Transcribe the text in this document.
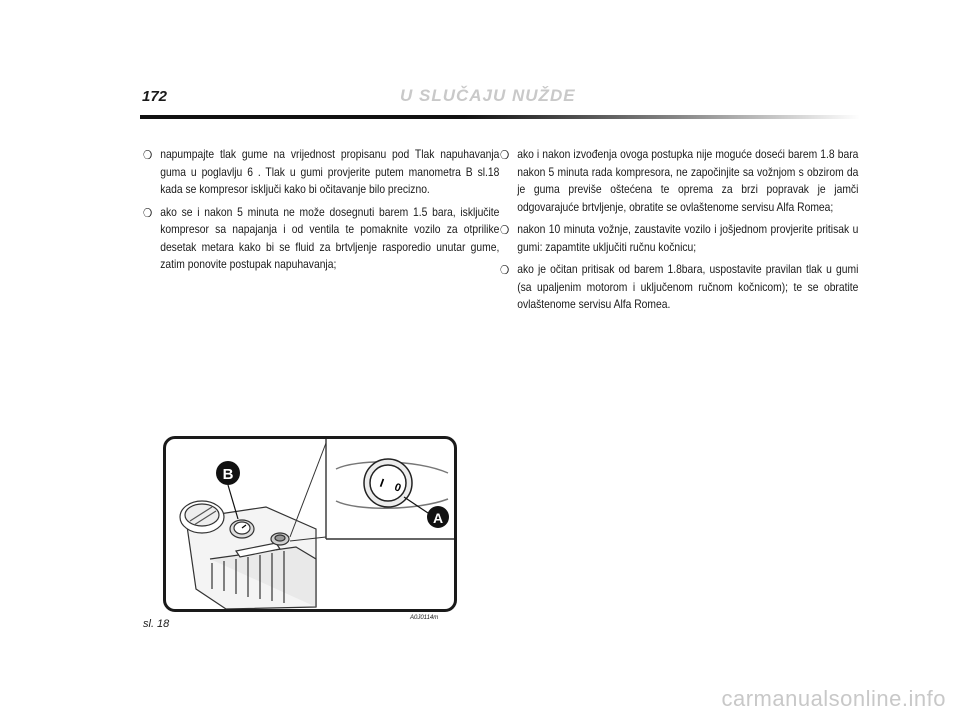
172	U SLUČAJU NUŽDE
❍ napumpajte tlak gume na vrijednost propisanu pod Tlak napuhavanja guma u poglavlju 6 . Tlak u gumi provjerite putem manometra B sl.18 kada se kompresor isključi kako bi očitavanje bilo precizno.
❍ ako se i nakon 5 minuta ne može dosegnuti barem 1.5 bara, isključite kompresor sa napajanja i od ventila te pomaknite vozilo za otprilike desetak metara kako bi se fluid za brtvljenje rasporedio unutar gume, zatim ponovite postupak napuhavanja;
❍ ako i nakon izvođenja ovoga postupka nije moguće doseći barem 1.8 bara nakon 5 minuta rada kompresora, ne započinjite sa vožnjom s obzirom da je guma previše oštećena te oprema za brzi popravak je jamči odgovarajuće brtvljenje, obratite se ovlaštenome servisu Alfa Romea;
❍ nakon 10 minuta vožnje, zaustavite vozilo i jošjednom provjerite pritisak u gumi: zapamtite uključiti ručnu kočnicu;
❍ ako je očitan pritisak od barem 1.8bara, uspostavite pravilan tlak u gumi (sa upaljenim motorom i uključenom ručnom kočnicom); te se obratite ovlaštenome servisu Alfa Romea.
B
A
I 0
sl. 18	A0J0114m
carmanualsonline.info
